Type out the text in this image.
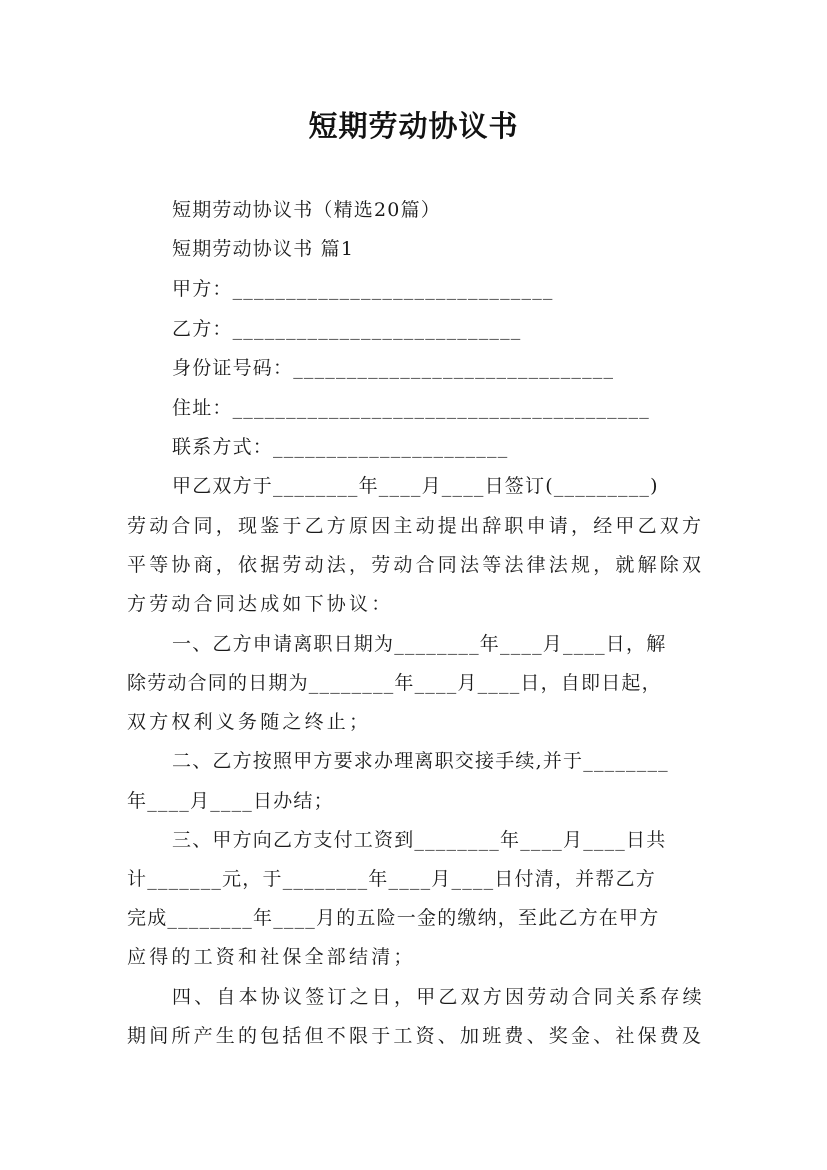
短期劳动协议书
短期劳动协议书（精选20篇）
短期劳动协议书 篇1
甲方：______________________________
乙方：___________________________
身份证号码：______________________________
住址：_______________________________________
联系方式：______________________
甲乙双方于________年____月____日签订(_________)
劳动合同，现鉴于乙方原因主动提出辞职申请，经甲乙双方
平等协商，依据劳动法，劳动合同法等法律法规，就解除双
方劳动合同达成如下协议：
一、乙方申请离职日期为________年____月____日，解
除劳动合同的日期为________年____月____日，自即日起，
双方权利义务随之终止；
二、乙方按照甲方要求办理离职交接手续,并于________
年____月____日办结；
三、甲方向乙方支付工资到________年____月____日共
计_______元，于________年____月____日付清，并帮乙方
完成________年____月的五险一金的缴纳，至此乙方在甲方
应得的工资和社保全部结清；
四、自本协议签订之日，甲乙双方因劳动合同关系存续
期间所产生的包括但不限于工资、加班费、奖金、社保费及
